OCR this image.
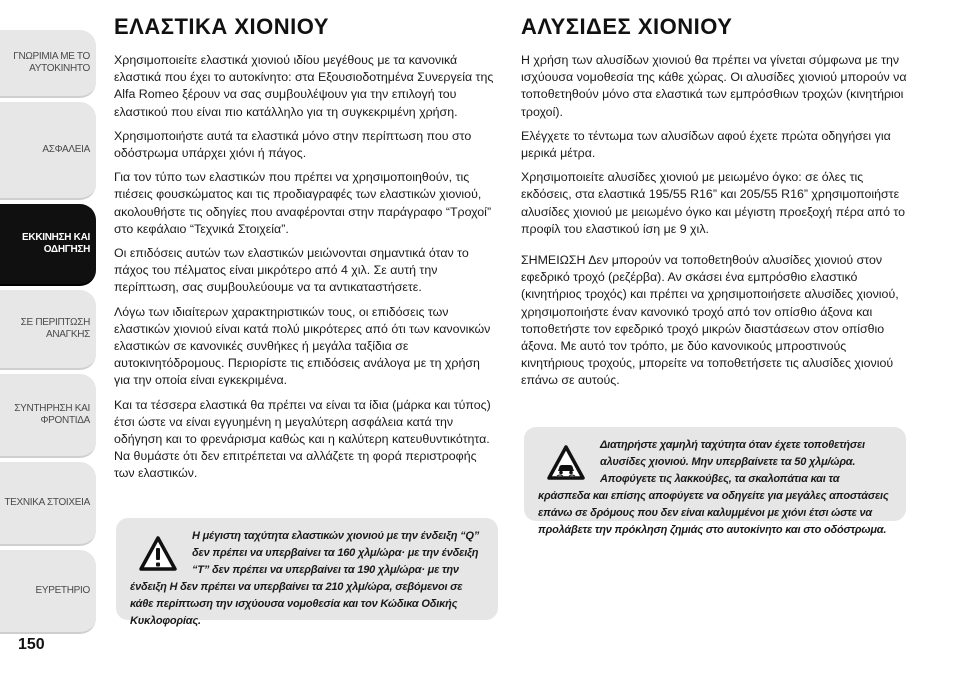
ΓΝΩΡΙΜΙΑ ΜΕ ΤΟ
ΑΥΤΟΚΙΝΗΤΟ
ΑΣΦΑΛΕΙΑ
ΕΚΚΙΝΗΣΗ ΚΑΙ
ΟΔΗΓΗΣΗ
ΣΕ ΠΕΡΙΠΤΩΣΗ
ΑΝΑΓΚΗΣ
ΣΥΝΤΗΡΗΣΗ ΚΑΙ
ΦΡΟΝΤΙΔΑ
ΤΕΧΝΙΚΑ ΣΤΟΙΧΕΙΑ
ΕΥΡΕΤΗΡΙΟ
150
ΕΛΑΣΤΙΚΑ ΧΙΟΝΙΟΥ

Χρησιμοποιείτε ελαστικά χιονιού ιδίου μεγέθους με τα κανονικά ελαστικά που έχει το αυτοκίνητο: στα Εξουσιοδοτημένα Συνεργεία της Alfa Romeo ξέρουν να σας συμβουλέψουν για την επιλογή του ελαστικού που είναι πιο κατάλληλο για τη συγκεκριμένη χρήση.

Χρησιμοποιήστε αυτά τα ελαστικά μόνο στην περίπτωση που στο οδόστρωμα υπάρχει χιόνι ή πάγος.

Για τον τύπο των ελαστικών που πρέπει να χρησιμοποιηθούν, τις πιέσεις φουσκώματος και τις προδιαγραφές των ελαστικών χιονιού, ακολουθήστε τις οδηγίες που αναφέρονται στην παράγραφο “Τροχοί” στο κεφάλαιο “Τεχνικά Στοιχεία”.

Οι επιδόσεις αυτών των ελαστικών μειώνονται σημαντικά όταν το πάχος του πέλματος είναι μικρότερο από 4 χιλ. Σε αυτή την περίπτωση, σας συμβουλεύουμε να τα αντικαταστήσετε.

Λόγω των ιδιαίτερων χαρακτηριστικών τους, οι επιδόσεις των ελαστικών χιονιού είναι κατά πολύ μικρότερες από ότι των κανονικών ελαστικών σε κανονικές συνθήκες ή μεγάλα ταξίδια σε αυτοκινητόδρομους. Περιορίστε τις επιδόσεις ανάλογα με τη χρήση για την οποία είναι εγκεκριμένα.

Και τα τέσσερα ελαστικά θα πρέπει να είναι τα ίδια (μάρκα και τύπος) έτσι ώστε να είναι εγγυημένη η μεγαλύτερη ασφάλεια κατά την οδήγηση και το φρενάρισμα καθώς και η καλύτερη κατευθυντικότητα. Να θυμάστε ότι δεν επιτρέπεται να αλλάζετε τη φορά περιστροφής των ελαστικών.

Η μέγιστη ταχύτητα ελαστικών χιονιού με την ένδειξη “Q” δεν πρέπει να υπερβαίνει τα 160 χλμ/ώρα· με την ένδειξη “T” δεν πρέπει να υπερβαίνει τα 190 χλμ/ώρα· με την ένδειξη H δεν πρέπει να υπερβαίνει τα 210 χλμ/ώρα, σεβόμενοι σε κάθε περίπτωση την ισχύουσα νομοθεσία και τον Κώδικα Οδικής Κυκλοφορίας.

ΑΛΥΣΙΔΕΣ ΧΙΟΝΙΟΥ

Η χρήση των αλυσίδων χιονιού θα πρέπει να γίνεται σύμφωνα με την ισχύουσα νομοθεσία της κάθε χώρας. Οι αλυσίδες χιονιού μπορούν να τοποθετηθούν μόνο στα ελαστικά των εμπρόσθιων τροχών (κινητήριοι τροχοί).

Ελέγχετε το τέντωμα των αλυσίδων αφού έχετε πρώτα οδηγήσει για μερικά μέτρα.

Χρησιμοποιείτε αλυσίδες χιονιού με μειωμένο όγκο: σε όλες τις εκδόσεις, στα ελαστικά 195/55 R16” και 205/55 R16” χρησιμοποιήστε αλυσίδες χιονιού με μειωμένο όγκο και μέγιστη προεξοχή πέρα από το προφίλ του ελαστικού ίση με 9 χιλ.

ΣΗΜΕΙΩΣΗ Δεν μπορούν να τοποθετηθούν αλυσίδες χιονιού στον εφεδρικό τροχό (ρεζέρβα). Αν σκάσει ένα εμπρόσθιο ελαστικό (κινητήριος τροχός) και πρέπει να χρησιμοποιήσετε αλυσίδες χιονιού, χρησιμοποιήστε έναν κανονικό τροχό από τον οπίσθιο άξονα και τοποθετήστε τον εφεδρικό τροχό μικρών διαστάσεων στον οπίσθιο άξονα. Με αυτό τον τρόπο, με δύο κανονικούς μπροστινούς κινητήριους τροχούς, μπορείτε να τοποθετήσετε τις αλυσίδες χιονιού επάνω σε αυτούς.

Διατηρήστε χαμηλή ταχύτητα όταν έχετε τοποθετήσει αλυσίδες χιονιού. Μην υπερβαίνετε τα 50 χλμ/ώρα. Αποφύγετε τις λακκούβες, τα σκαλοπάτια και τα κράσπεδα και επίσης αποφύγετε να οδηγείτε για μεγάλες αποστάσεις επάνω σε δρόμους που δεν είναι καλυμμένοι με χιόνι έτσι ώστε να προλάβετε την πρόκληση ζημιάς στο αυτοκίνητο και στο οδόστρωμα.
